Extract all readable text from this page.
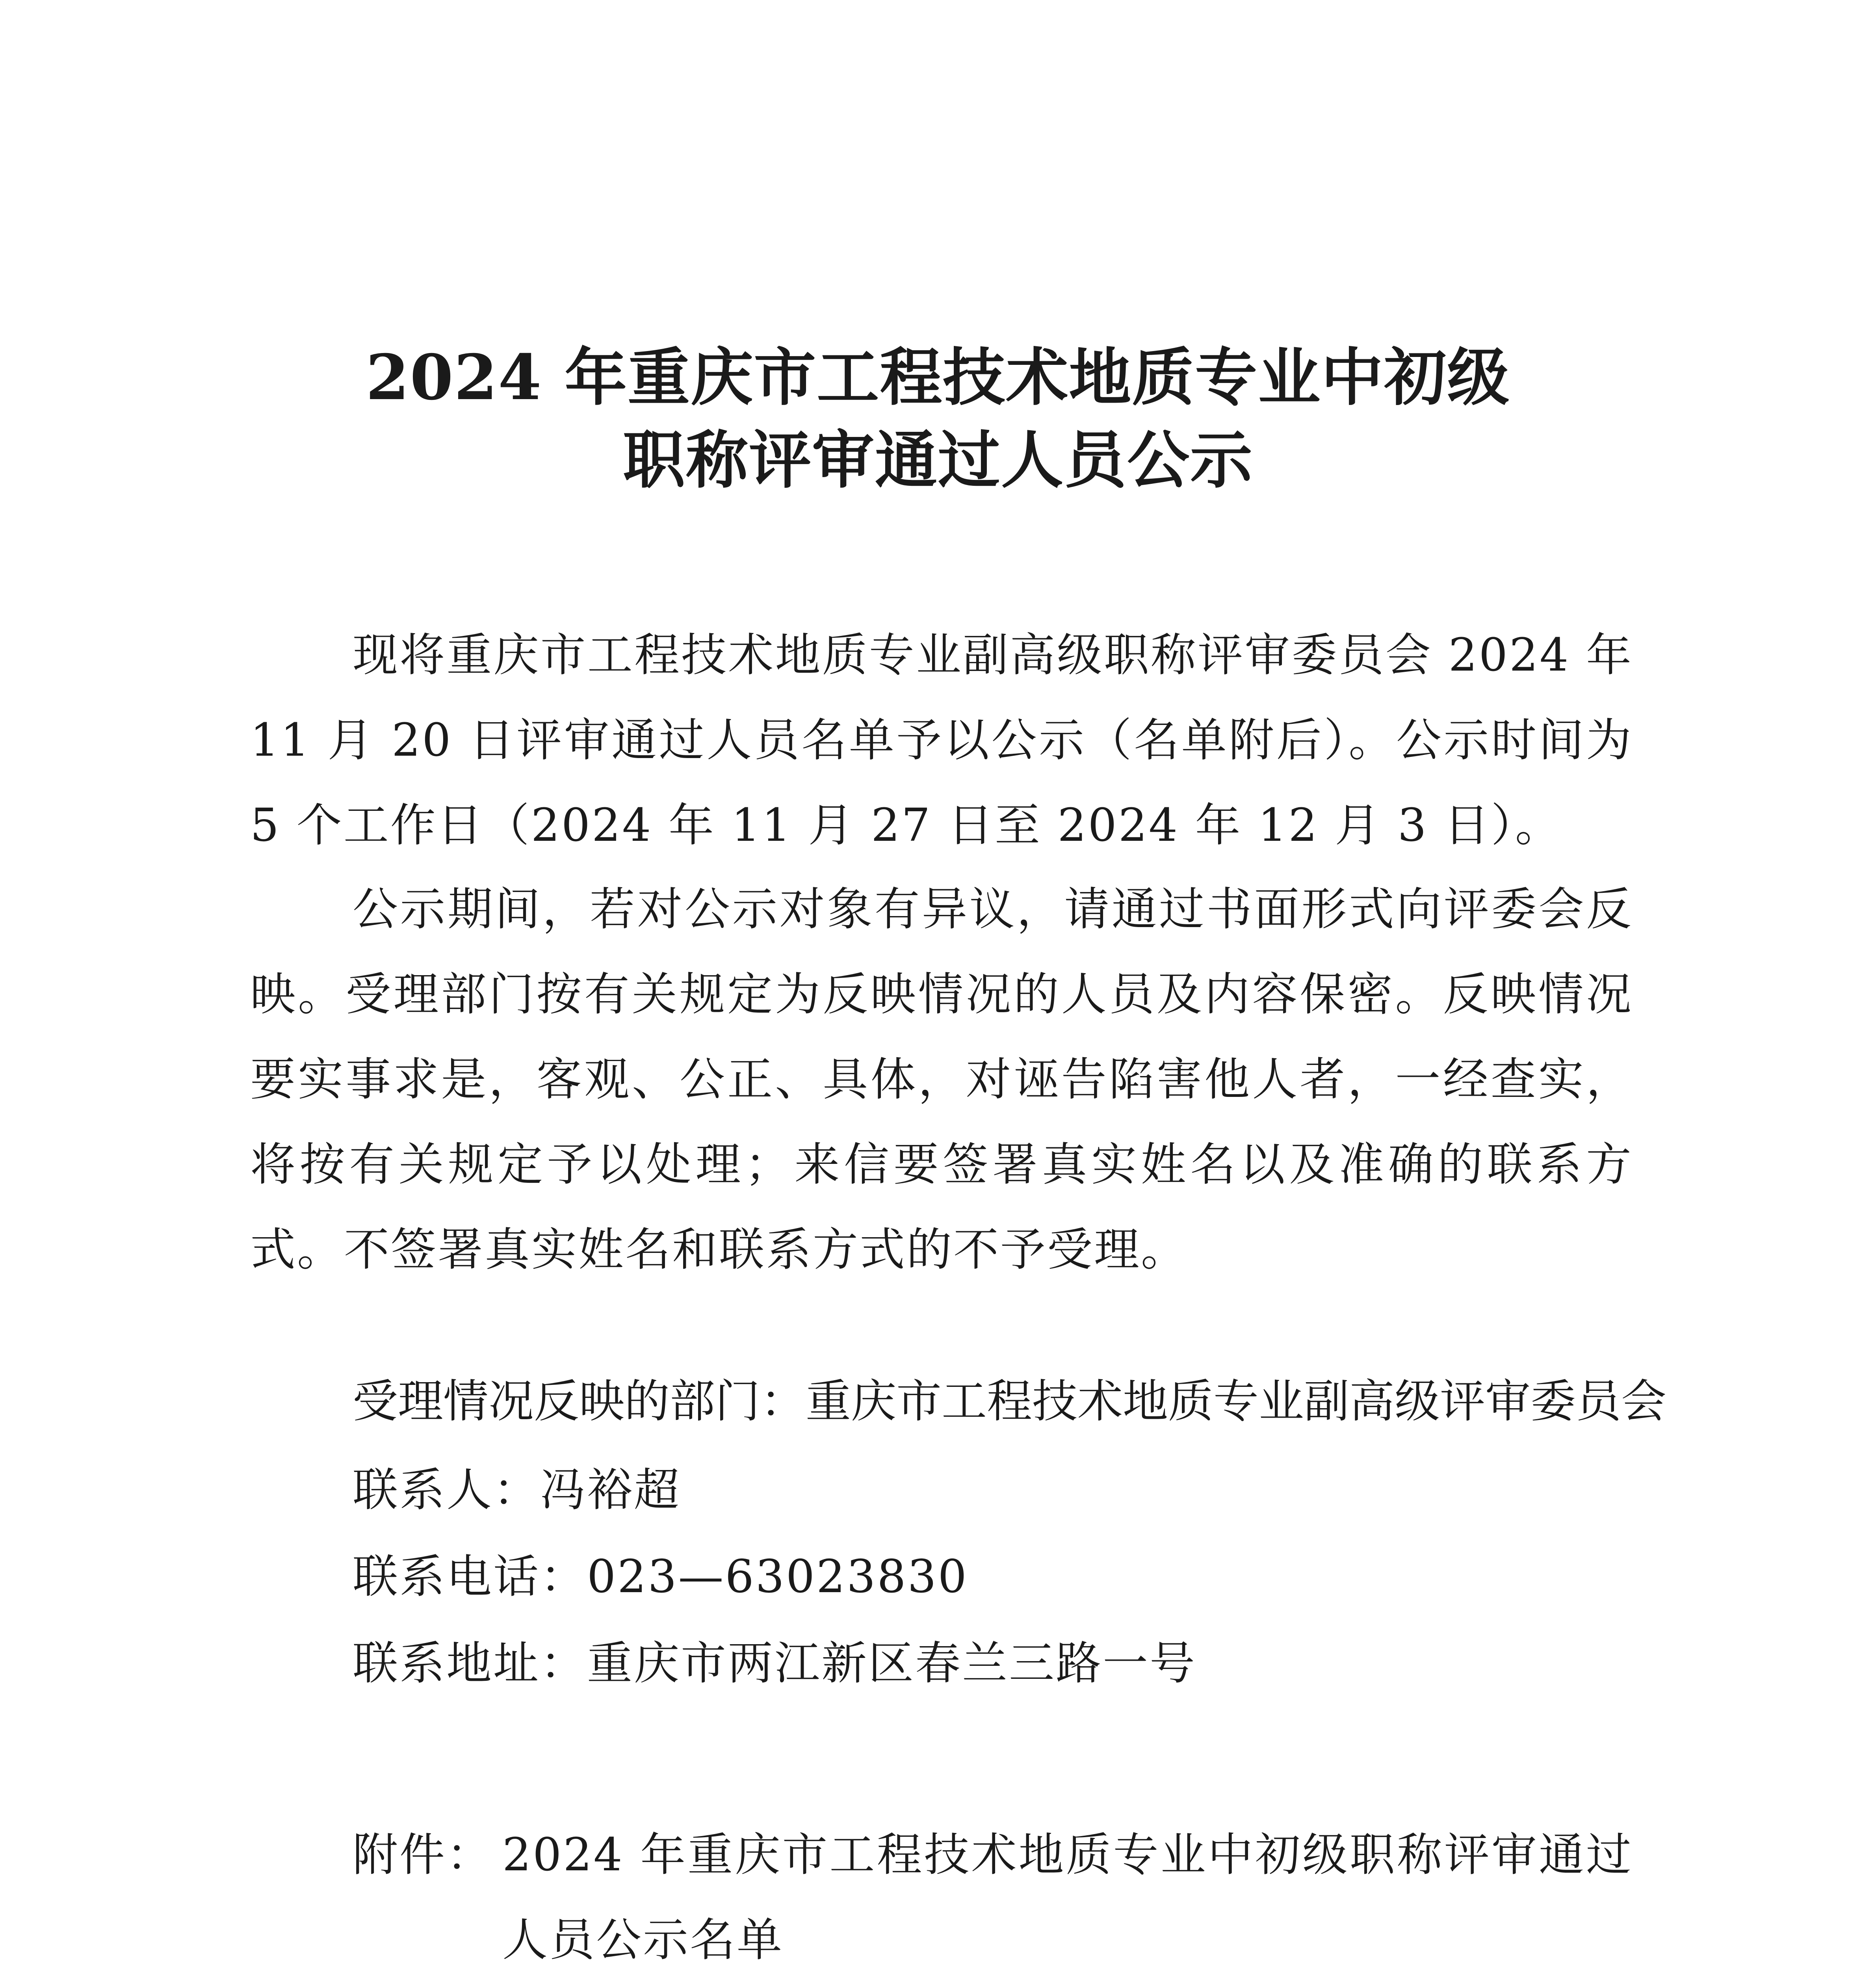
2024 年重庆市工程技术地质专业中初级
职称评审通过人员公示

现将重庆市工程技术地质专业副高级职称评审委员会 2024 年 11 月 20 日评审通过人员名单予以公示（名单附后）。公示时间为 5 个工作日（2024 年 11 月 27 日至 2024 年 12 月 3 日）。

公示期间，若对公示对象有异议，请通过书面形式向评委会反映。受理部门按有关规定为反映情况的人员及内容保密。反映情况要实事求是，客观、公正、具体，对诬告陷害他人者，一经查实，将按有关规定予以处理；来信要签署真实姓名以及准确的联系方式。不签署真实姓名和联系方式的不予受理。

受理情况反映的部门：重庆市工程技术地质专业副高级评审委员会
联系人：冯裕超
联系电话：023—63023830
联系地址：重庆市两江新区春兰三路一号
附件： 2024 年重庆市工程技术地质专业中初级职称评审通过人员公示名单
